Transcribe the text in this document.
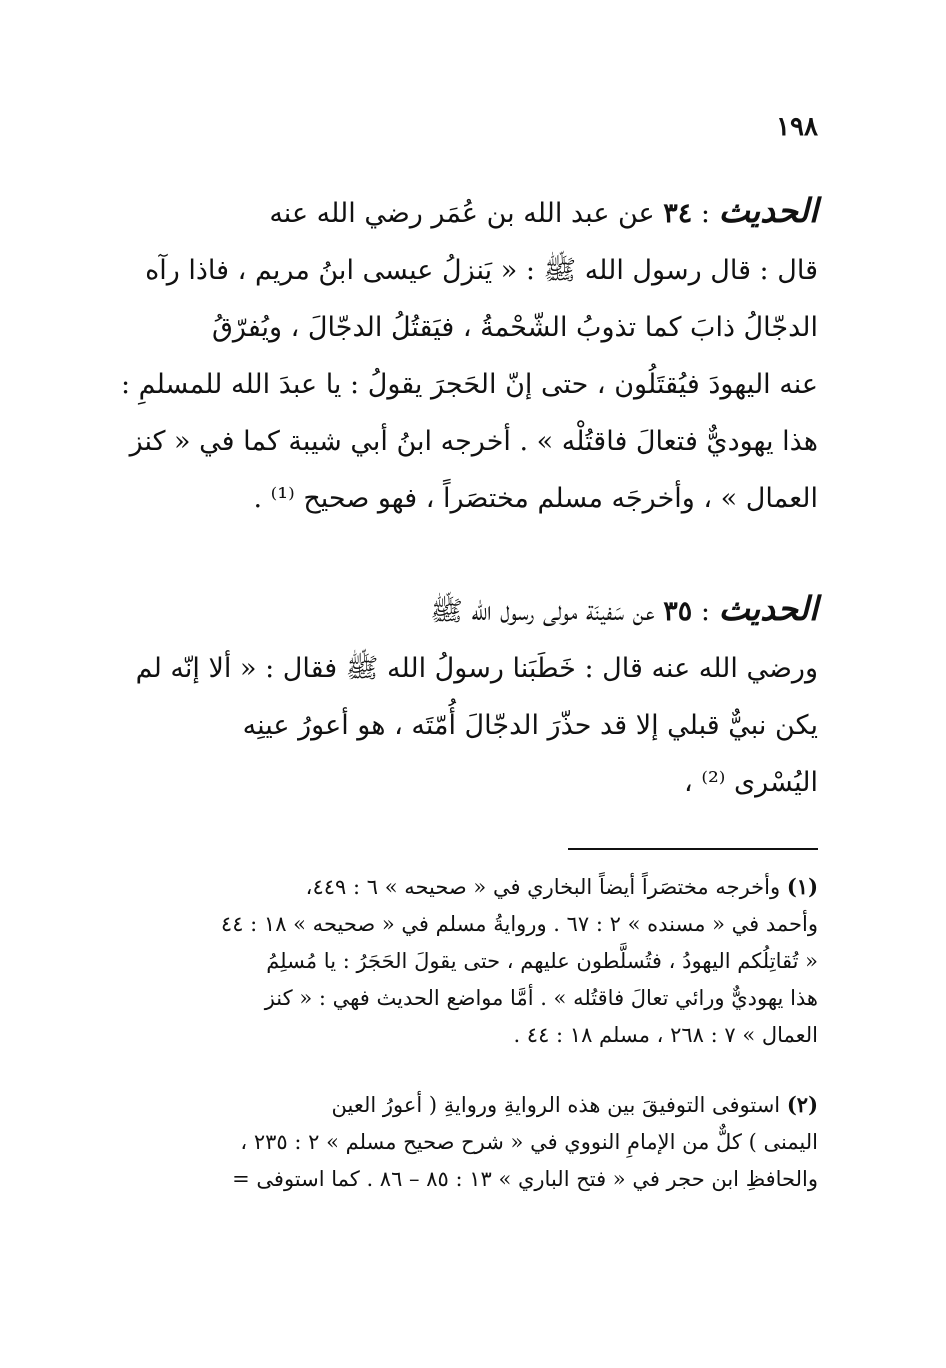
١٩٨
الحديث : ٣٤ عن عبد الله بن عُمَر رضي الله عنه
قال : قال رسول الله ﷺ : « يَنزلُ عيسى ابنُ مريم ، فاذا رآه
الدجّالُ ذابَ كما تذوبُ الشّحْمةُ ، فيَقتُلُ الدجّالَ ، ويُفرّقُ
عنه اليهودَ فيُقتَلُون ، حتى إنّ الحَجرَ يقولُ : يا عبدَ الله للمسلمِ :
هذا يهوديٌّ فتعالَ فاقتُلْه » . أخرجه ابنُ أبي شيبة كما في « كنز
العمال » ، وأخرجَه مسلم مختصَراً ، فهو صحيح ⁽¹⁾ .
الحديث : ٣٥ عن سَفينَة مولى رسول الله ﷺ
ورضي الله عنه قال : خَطَبَنا رسولُ الله ﷺ فقال : « ألا إنّه لم
يكن نبيٌّ قبلي إلا قد حذّرَ الدجّالَ أُمّتَه ، هو أعورُ عينِه
اليُسْرى ⁽²⁾ ،
(١) وأخرجه مختصَراً أيضاً البخاري في « صحيحه » ٦ : ٤٤٩،
وأحمد في « مسنده » ٢ : ٦٧ . وروايةُ مسلم في « صحيحه » ١٨ : ٤٤
« تُقاتِلُكم اليهودُ ، فتُسلَّطون عليهم ، حتى يقولَ الحَجَرُ : يا مُسلِمُ
هذا يهوديٌّ ورائي تعالَ فاقتُله » . أمَّا مواضع الحديث فهي : « كنز
العمال » ٧ : ٢٦٨ ، مسلم ١٨ : ٤٤ .
(٢) استوفى التوفيقَ بين هذه الروايةِ وروايةِ ( أعورُ العين
اليمنى ) كلٌّ من الإمامِ النووي في « شرح صحيح مسلم » ٢ : ٢٣٥ ،
والحافظِ ابن حجر في « فتح الباري » ١٣ : ٨٥ – ٨٦ . كما استوفى =
